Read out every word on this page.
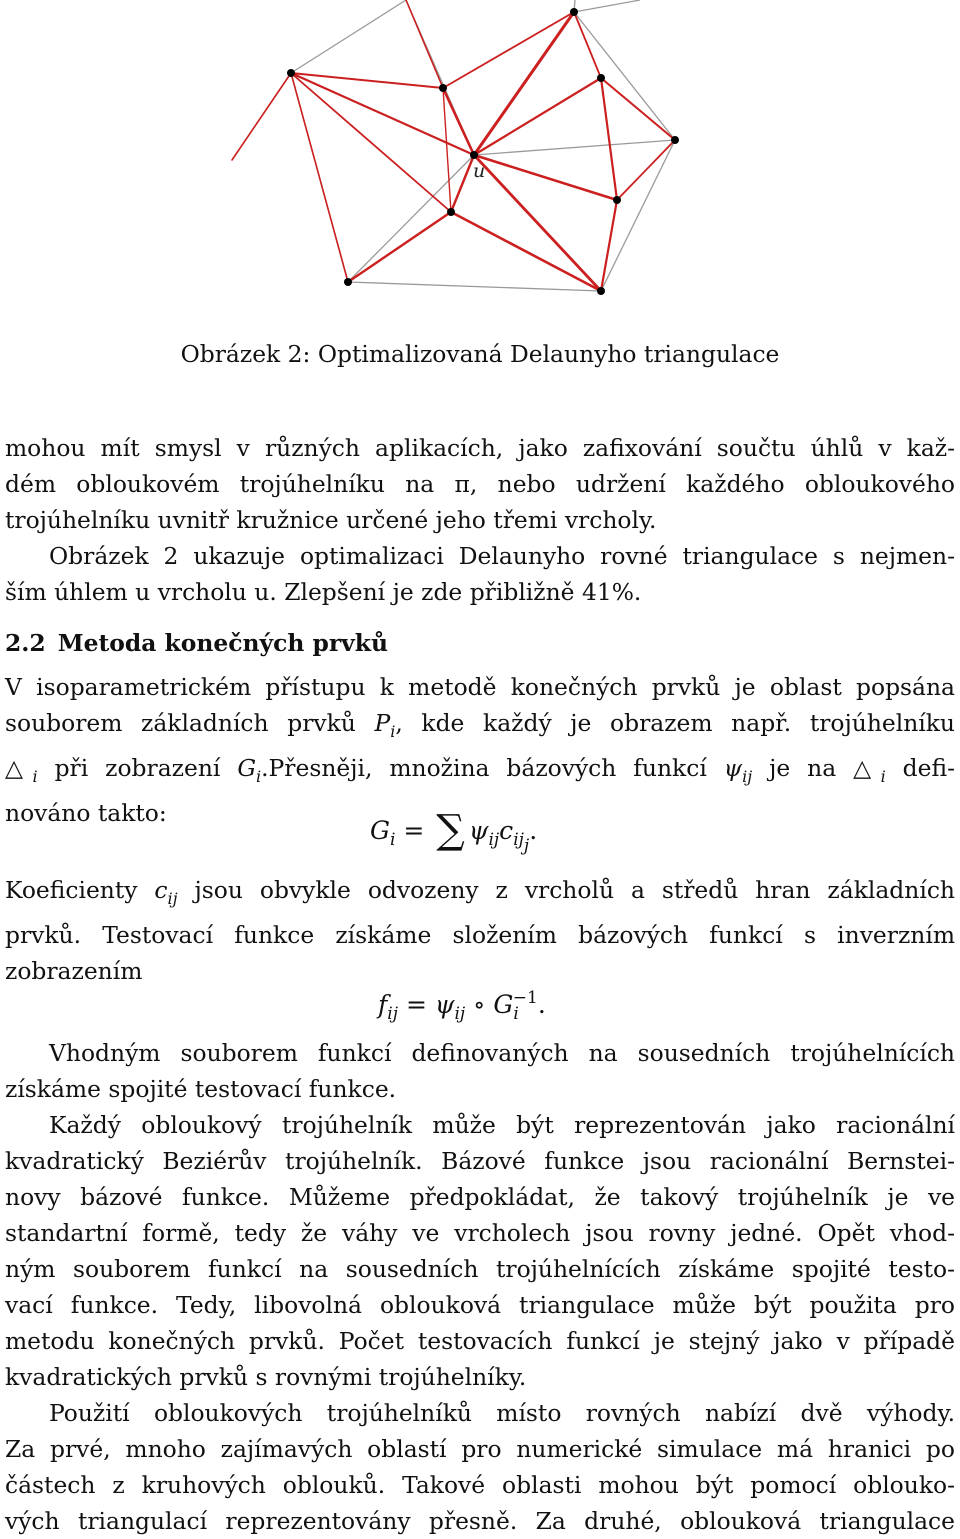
u
Obrázek 2: Optimalizovaná Delaunyho triangulace
mohou mít smysl v různých aplikacích, jako zafixování součtu úhlů v kaž-
dém obloukovém trojúhelníku na π, nebo udržení každého obloukového
trojúhelníku uvnitř kružnice určené jeho třemi vrcholy.
Obrázek 2 ukazuje optimalizaci Delaunyho rovné triangulace s nejmen-
ším úhlem u vrcholu u. Zlepšení je zde přibližně 41%.
2.2 Metoda konečných prvků
V isoparametrickém přístupu k metodě konečných prvků je oblast popsána
souborem základních prvků $P_i$, kde každý je obrazem např. trojúhelníku
$\triangle_i$ při zobrazení $G_i.Přesněji$, množina bázových funkcí $\psi_{ij}$ je na $\triangle_i$ defi-
nováno takto:
$G_i$ = ∑ $\psi_{ij}c_{ijj}$.
Koeficienty $c_{ij}$ jsou obvykle odvozeny z vrcholů a středů hran základních
prvků. Testovací funkce získáme složením bázových funkcí s inverzním
zobrazením
$f_{ij} = \psi_{ij}$ ∘ $G_i^{-1}$.
Vhodným souborem funkcí definovaných na sousedních trojúhelnících
získáme spojité testovací funkce.
Každý obloukový trojúhelník může být reprezentován jako racionální
kvadratický Beziérův trojúhelník. Bázové funkce jsou racionální Bernstei-
novy bázové funkce. Můžeme předpokládat, že takový trojúhelník je ve
standartní formě, tedy že váhy ve vrcholech jsou rovny jedné. Opět vhod-
ným souborem funkcí na sousedních trojúhelnících získáme spojité testo-
vací funkce. Tedy, libovolná oblouková triangulace může být použita pro
metodu konečných prvků. Počet testovacích funkcí je stejný jako v případě
kvadratických prvků s rovnými trojúhelníky.
Použití obloukových trojúhelníků místo rovných nabízí dvě výhody.
Za prvé, mnoho zajímavých oblastí pro numerické simulace má hranici po
částech z kruhových oblouků. Takové oblasti mohou být pomocí oblouko-
vých triangulací reprezentovány přesně. Za druhé, oblouková triangulace
